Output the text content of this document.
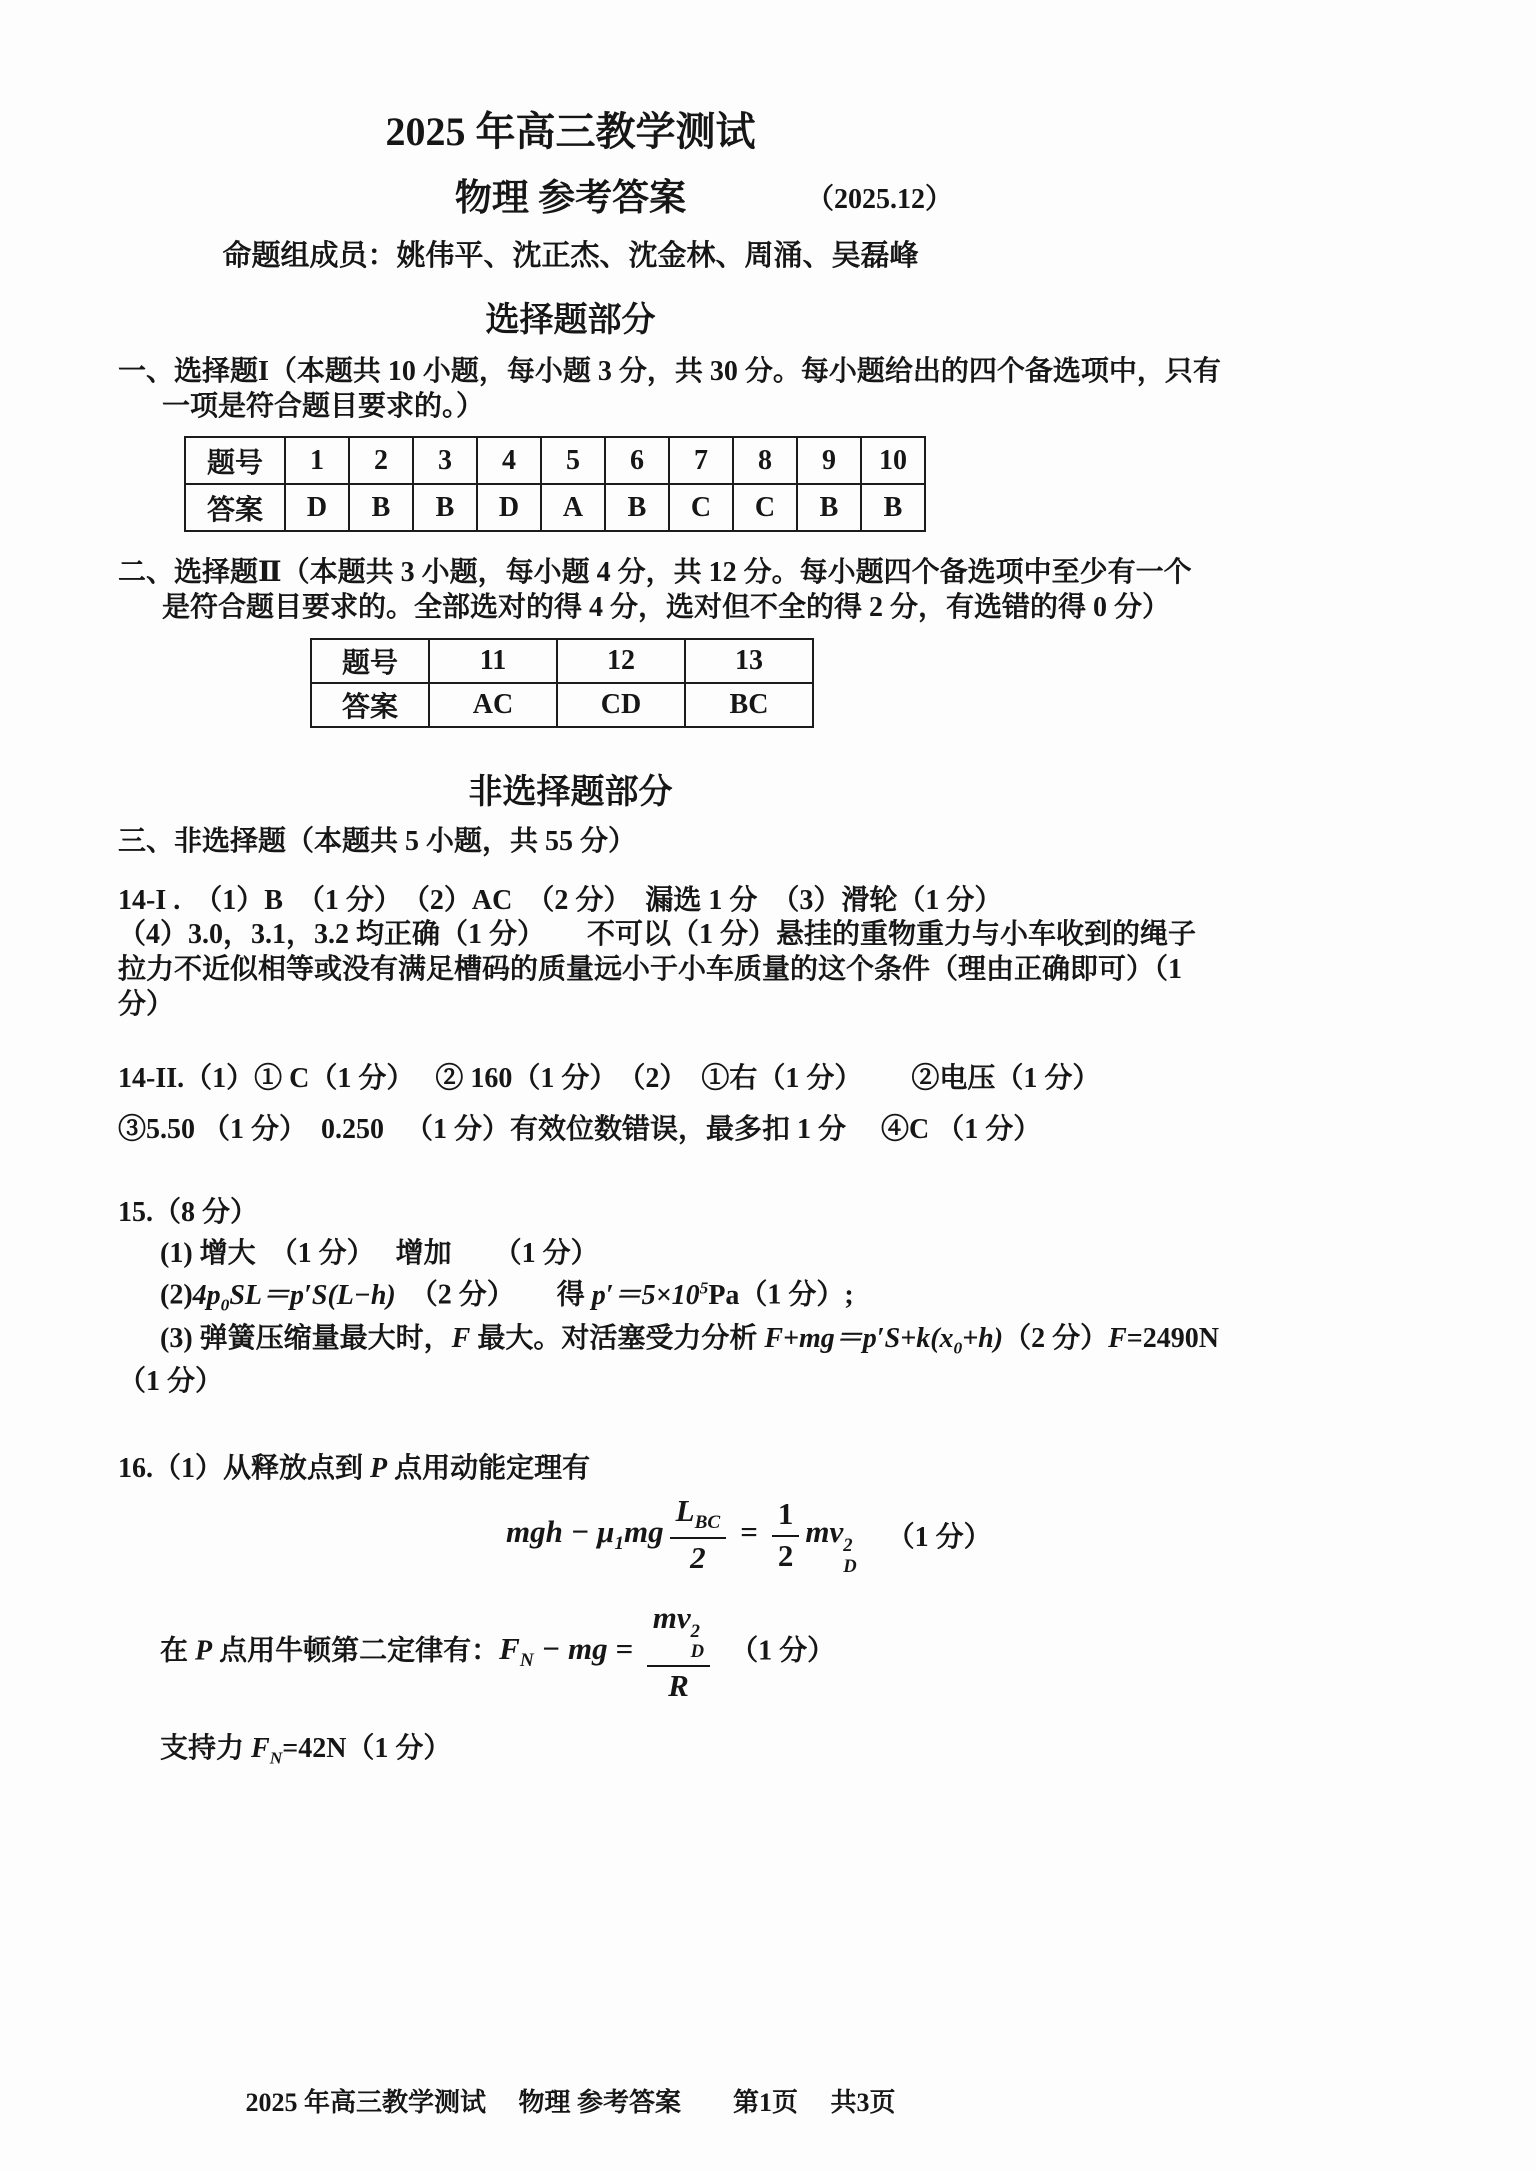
2025 年高三教学测试
物理 参考答案	（2025.12）
命题组成员：姚伟平、沈正杰、沈金林、周涌、吴磊峰
选择题部分

一、选择题I（本题共 10 小题，每小题 3 分，共 30 分。每小题给出的四个备选项中，只有
一项是符合题目要求的。）

题号	1	2	3	4	5	6	7	8	9	10
答案	D	B	B	D	A	B	C	C	B	B

二、选择题Ⅱ（本题共 3 小题，每小题 4 分，共 12 分。每小题四个备选项中至少有一个
是符合题目要求的。全部选对的得 4 分，选对但不全的得 2 分，有选错的得 0 分）

题号	11	12	13
答案	AC	CD	BC
非选择题部分

三、非选择题（本题共 5 小题，共 55 分）

14-I .　（1）B　（1 分）　（2）AC　（2 分）　漏选 1 分　（3）滑轮（1 分）
（4）3.0，3.1，3.2 均正确（1 分）　　不可以（1 分）悬挂的重物重力与小车收到的绳子
拉力不近似相等或没有满足槽码的质量远小于小车质量的这个条件（理由正确即可）（1
分）

14-II.（1）① C（1 分）　 ② 160（1 分）　（2）　①右（1 分）　　 ②电压（1 分）

③5.50 （1 分）　0.250 　（1 分）有效位数错误，最多扣 1 分　 ④C （1 分）

15.（8 分）

(1) 增大　（1 分）　 增加　　（1 分）

$(2)4p_0SL=p'S(L-h)$　（2 分）　　得 $p'=5\times 10^5Pa(1$ 分）;

(3) 弹簧压缩量最大时，F 最大。对活塞受力分析 $F+mg=p'S+k(x_0+h)(2$ 分）F=2490N

（1 分）

16.（1）从释放点到 P 点用动能定理有

mgh − $\mu_1mg \frac{L_{BC}}{2} = \frac{1}{2}$ mv 2
D
（1 分）

在 P 点用牛顿第二定律有：$F_N$ − mg = mv 2
D
R 　（1 分）

支持力 $F_N=42N(1$ 分）

2025 年高三教学测试　 物理 参考答案　　第1页　 共3页
